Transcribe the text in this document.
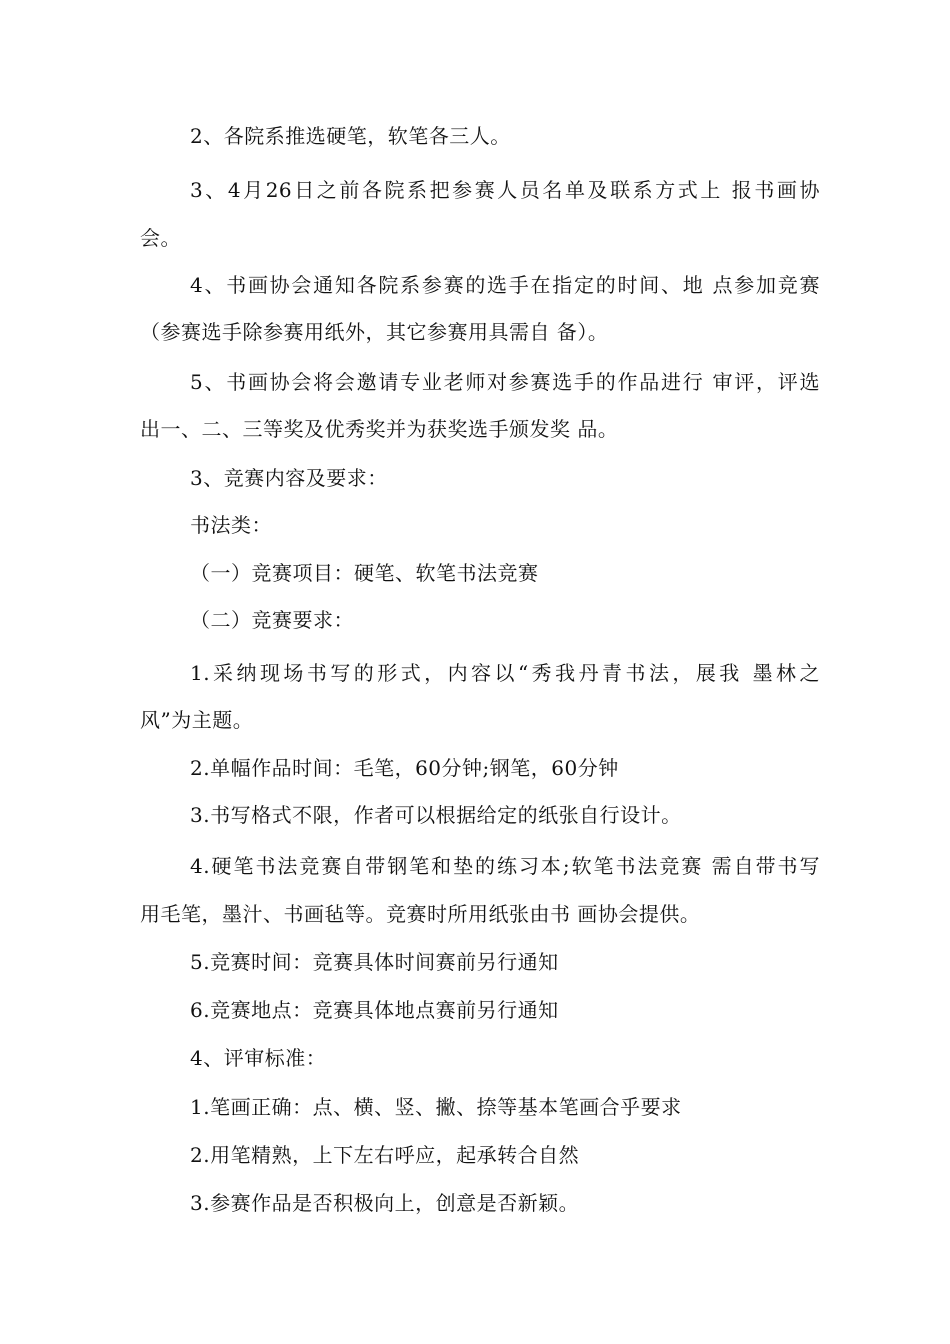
2、各院系推选硬笔，软笔各三人。
3、4月26日之前各院系把参赛人员名单及联系方式上 报书画协
会。
4、书画协会通知各院系参赛的选手在指定的时间、地 点参加竞赛
（参赛选手除参赛用纸外，其它参赛用具需自 备）。
5、书画协会将会邀请专业老师对参赛选手的作品进行 审评，评选
出一、二、三等奖及优秀奖并为获奖选手颁发奖 品。
3、竞赛内容及要求：
书法类：
（一）竞赛项目：硬笔、软笔书法竞赛
（二）竞赛要求：
1.采纳现场书写的形式，内容以“秀我丹青书法，展我 墨林之
风”为主题。
2.单幅作品时间：毛笔，60分钟;钢笔，60分钟
3.书写格式不限，作者可以根据给定的纸张自行设计。
4.硬笔书法竞赛自带钢笔和垫的练习本;软笔书法竞赛 需自带书写
用毛笔，墨汁、书画毡等。竞赛时所用纸张由书 画协会提供。
5.竞赛时间：竞赛具体时间赛前另行通知
6.竞赛地点：竞赛具体地点赛前另行通知
4、评审标准：
1.笔画正确：点、横、竖、撇、捺等基本笔画合乎要求
2.用笔精熟，上下左右呼应，起承转合自然
3.参赛作品是否积极向上，创意是否新颖。
